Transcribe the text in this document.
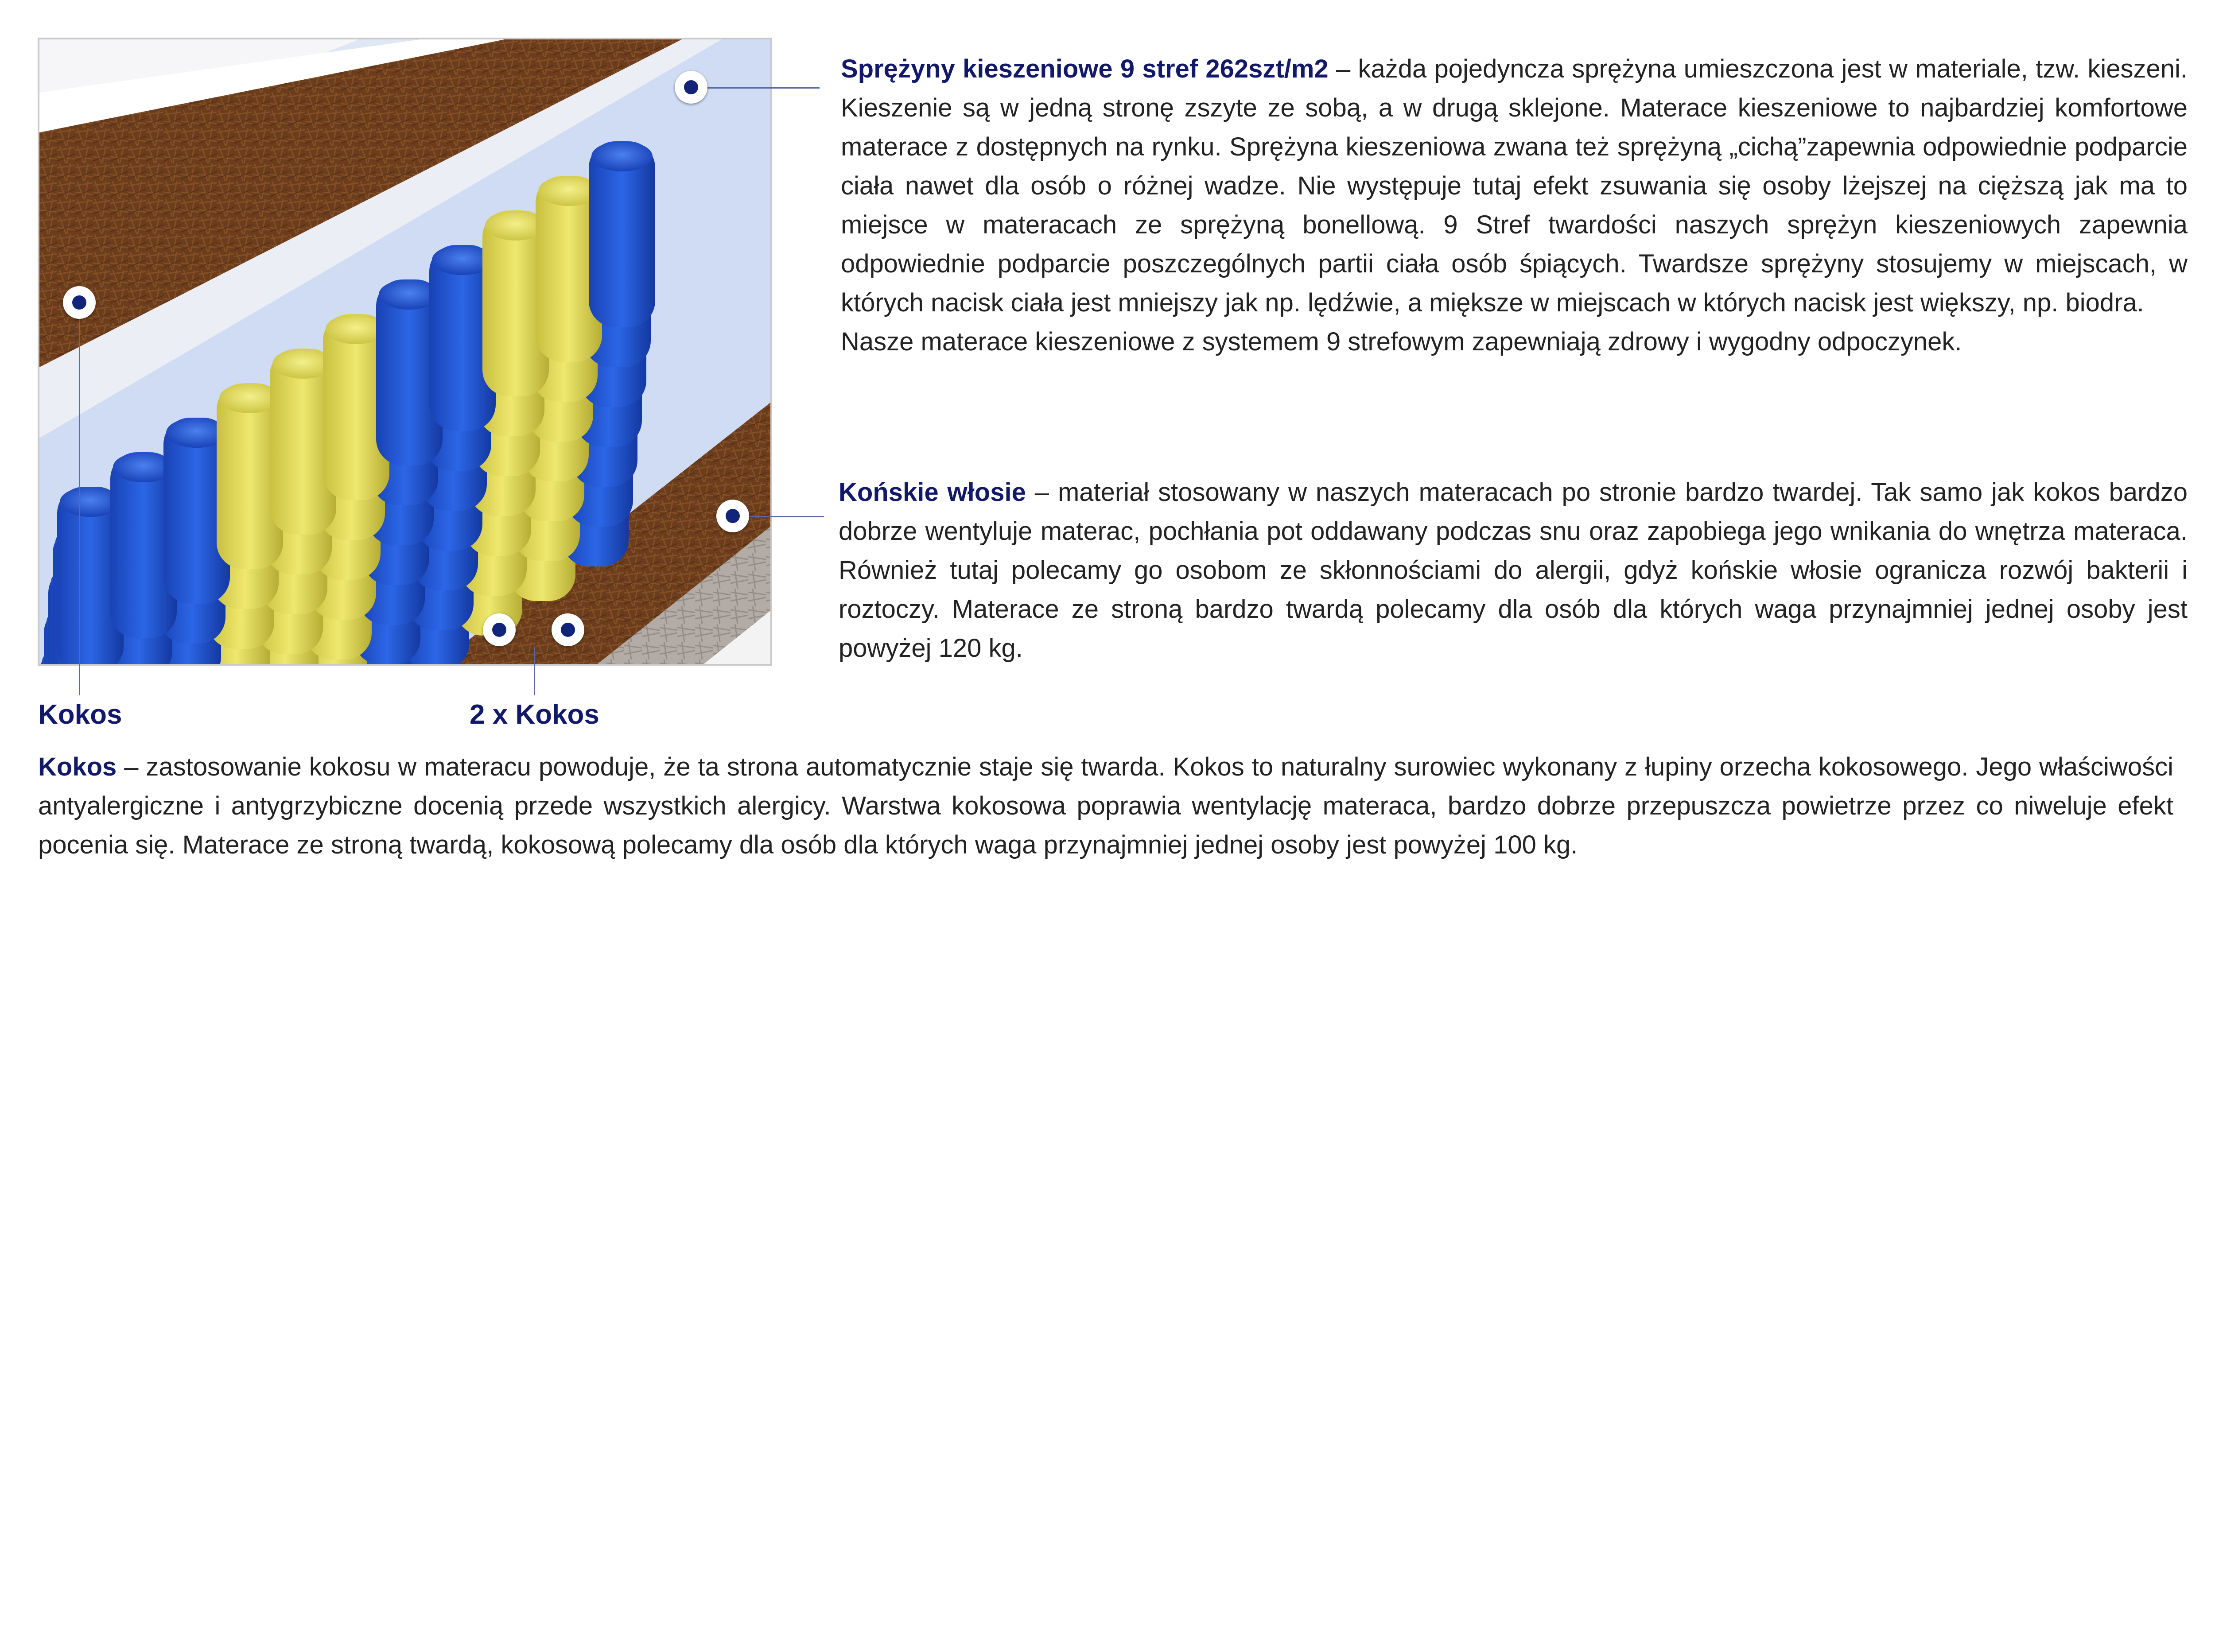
Kokos	2 x Kokos

Sprężyny kieszeniowe 9 stref 262szt/m2 – każda pojedyncza sprężyna umieszczona jest w materiale, tzw. kieszeni. Kieszenie są w jedną stronę zszyte ze sobą, a w drugą sklejone. Materace kieszeniowe to najbardziej komfortowe materace z dostępnych na rynku. Sprężyna kieszeniowa zwana też sprężyną „cichą”zapewnia odpowiednie podparcie ciała nawet dla osób o różnej wadze. Nie występuje tutaj efekt zsuwania się osoby lżejszej na cięższą jak ma to miejsce w materacach ze sprężyną bonellową. 9 Stref twardości naszych sprężyn kieszeniowych zapewnia odpowiednie podparcie poszczególnych partii ciała osób śpiących. Twardsze sprężyny stosujemy w miejscach, w których nacisk ciała jest mniejszy jak np. lędźwie, a miększe w miejscach w których nacisk jest większy, np. biodra.

Nasze materace kieszeniowe z systemem 9 strefowym zapewniają zdrowy i wygodny odpoczynek.

Końskie włosie – materiał stosowany w naszych materacach po stronie bardzo twardej. Tak samo jak kokos bardzo dobrze wentyluje materac, pochłania pot oddawany podczas snu oraz zapobiega jego wnikania do wnętrza materaca. Również tutaj polecamy go osobom ze skłonnościami do alergii, gdyż końskie włosie ogranicza rozwój bakterii i roztoczy. Materace ze stroną bardzo twardą polecamy dla osób dla których waga przynajmniej jednej osoby jest powyżej 120 kg.

Kokos – zastosowanie kokosu w materacu powoduje, że ta strona automatycznie staje się twarda. Kokos to naturalny surowiec wykonany z łupiny orzecha kokosowego. Jego właściwości antyalergiczne i antygrzybiczne docenią przede wszystkich alergicy. Warstwa kokosowa poprawia wentylację materaca, bardzo dobrze przepuszcza powietrze przez co niweluje efekt pocenia się. Materace ze stroną twardą, kokosową polecamy dla osób dla których waga przynajmniej jednej osoby jest powyżej 100 kg.
